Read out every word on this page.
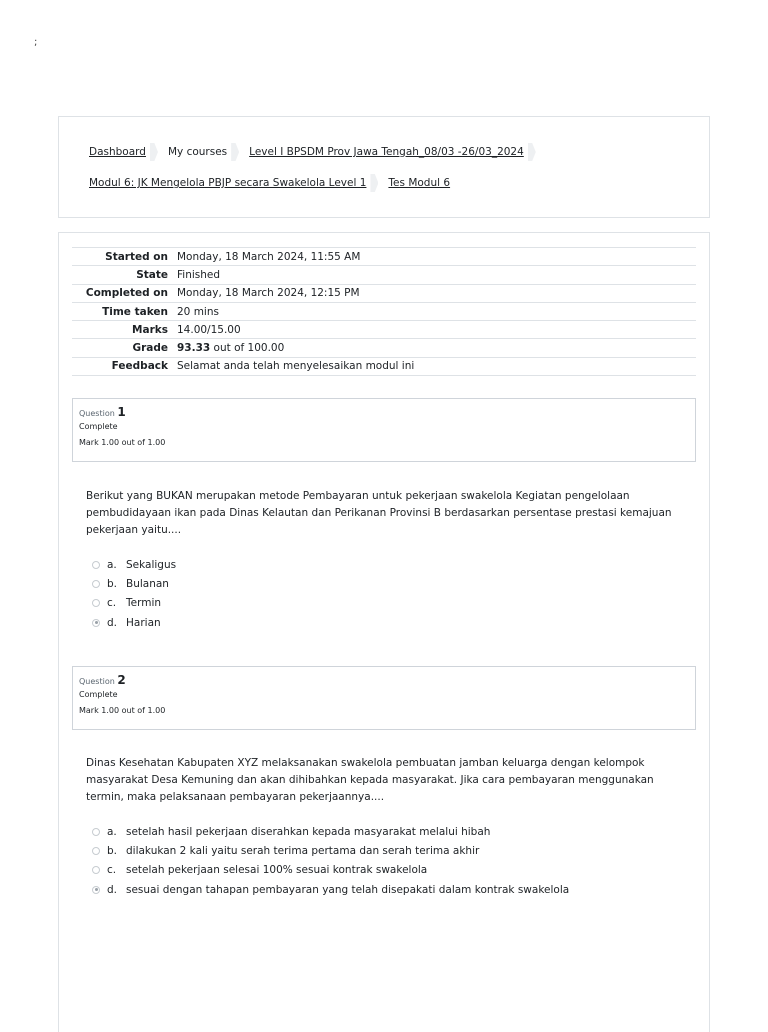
;
Dashboard My courses Level I BPSDM Prov Jawa Tengah_08/03 -26/03_2024
Modul 6: JK Mengelola PBJP secara Swakelola Level 1 Tes Modul 6
Started on	Monday, 18 March 2024, 11:55 AM
State	Finished
Completed on	Monday, 18 March 2024, 12:15 PM
Time taken	20 mins
Marks	14.00/15.00
Grade	93.33 out of 100.00
Feedback	Selamat anda telah menyelesaikan modul ini
Question 1
Complete
Mark 1.00 out of 1.00
Berikut yang BUKAN merupakan metode Pembayaran untuk pekerjaan swakelola Kegiatan pengelolaan pembudidayaan ikan pada Dinas Kelautan dan Perikanan Provinsi B berdasarkan persentase prestasi kemajuan pekerjaan yaitu....
a. Sekaligus
b. Bulanan
c. Termin
d. Harian
Question 2
Complete
Mark 1.00 out of 1.00
Dinas Kesehatan Kabupaten XYZ melaksanakan swakelola pembuatan jamban keluarga dengan kelompok masyarakat Desa Kemuning dan akan dihibahkan kepada masyarakat. Jika cara pembayaran menggunakan termin, maka pelaksanaan pembayaran pekerjaannya....
a. setelah hasil pekerjaan diserahkan kepada masyarakat melalui hibah
b. dilakukan 2 kali yaitu serah terima pertama dan serah terima akhir
c. setelah pekerjaan selesai 100% sesuai kontrak swakelola
d. sesuai dengan tahapan pembayaran yang telah disepakati dalam kontrak swakelola
